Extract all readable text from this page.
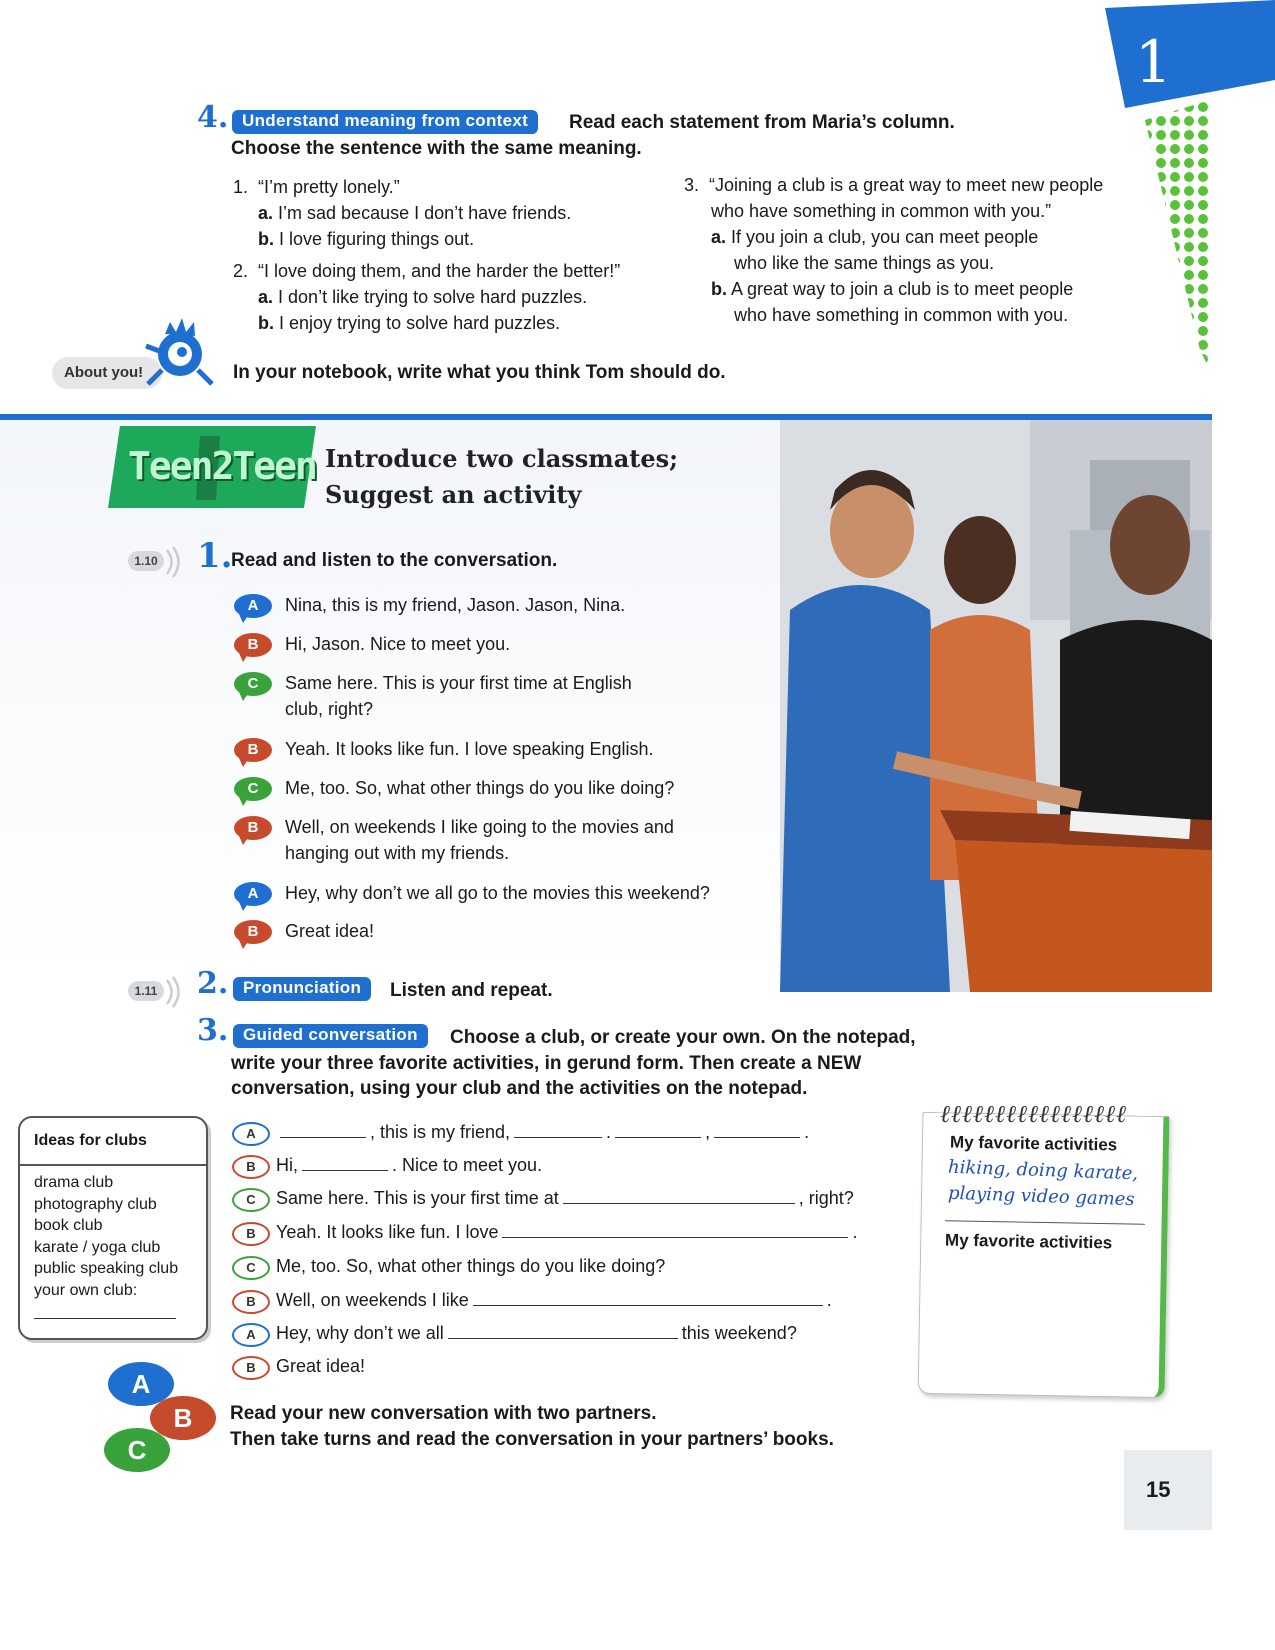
1
4. Understand meaning from context	Read each statement from Maria’s column.
Choose the sentence with the same meaning.
1. “I’m pretty lonely.”
a. I’m sad because I don’t have friends.
b. I love figuring things out.
2. “I love doing them, and the harder the better!”
a. I don’t like trying to solve hard puzzles.
b. I enjoy trying to solve hard puzzles.
3. “Joining a club is a great way to meet new people
who have something in common with you.”
a. If you join a club, you can meet people
who like the same things as you.
b. A great way to join a club is to meet people
who have something in common with you.
About you!	In your notebook, write what you think Tom should do.
Teen2Teen Introduce two classmates;
Suggest an activity
1.10 1.
Read and listen to the conversation.
A	Nina, this is my friend, Jason. Jason, Nina.
B	Hi, Jason. Nice to meet you.
C	Same here. This is your first time at English
club, right?
B	Yeah. It looks like fun. I love speaking English.
C	Me, too. So, what other things do you like doing?
B	Well, on weekends I like going to the movies and
hanging out with my friends.
A	Hey, why don’t we all go to the movies this weekend?
B	Great idea!
1.11 2. Pronunciation	Listen and repeat.
3. Guided conversation	Choose a club, or create your own. On the notepad,
write your three favorite activities, in gerund form. Then create a NEW
conversation, using your club and the activities on the notepad.
Ideas for clubs
drama club
photography club
book club
karate / yoga club
public speaking club
your own club:
A	, this is my friend,	.	,	.
B	Hi,	. Nice to meet you.
C	Same here. This is your first time at	, right?
B	Yeah. It looks like fun. I love	.
C	Me, too. So, what other things do you like doing?
B	Well, on weekends I like	.
A	Hey, why don’t we all	this weekend?
B	Great idea!
ℓℓℓℓℓℓℓℓℓℓℓℓℓℓℓℓℓ
My favorite activities
hiking, doing karate,
playing video games
My favorite activities
A
B
C
Read your new conversation with two partners.
Then take turns and read the conversation in your partners’ books.
15
